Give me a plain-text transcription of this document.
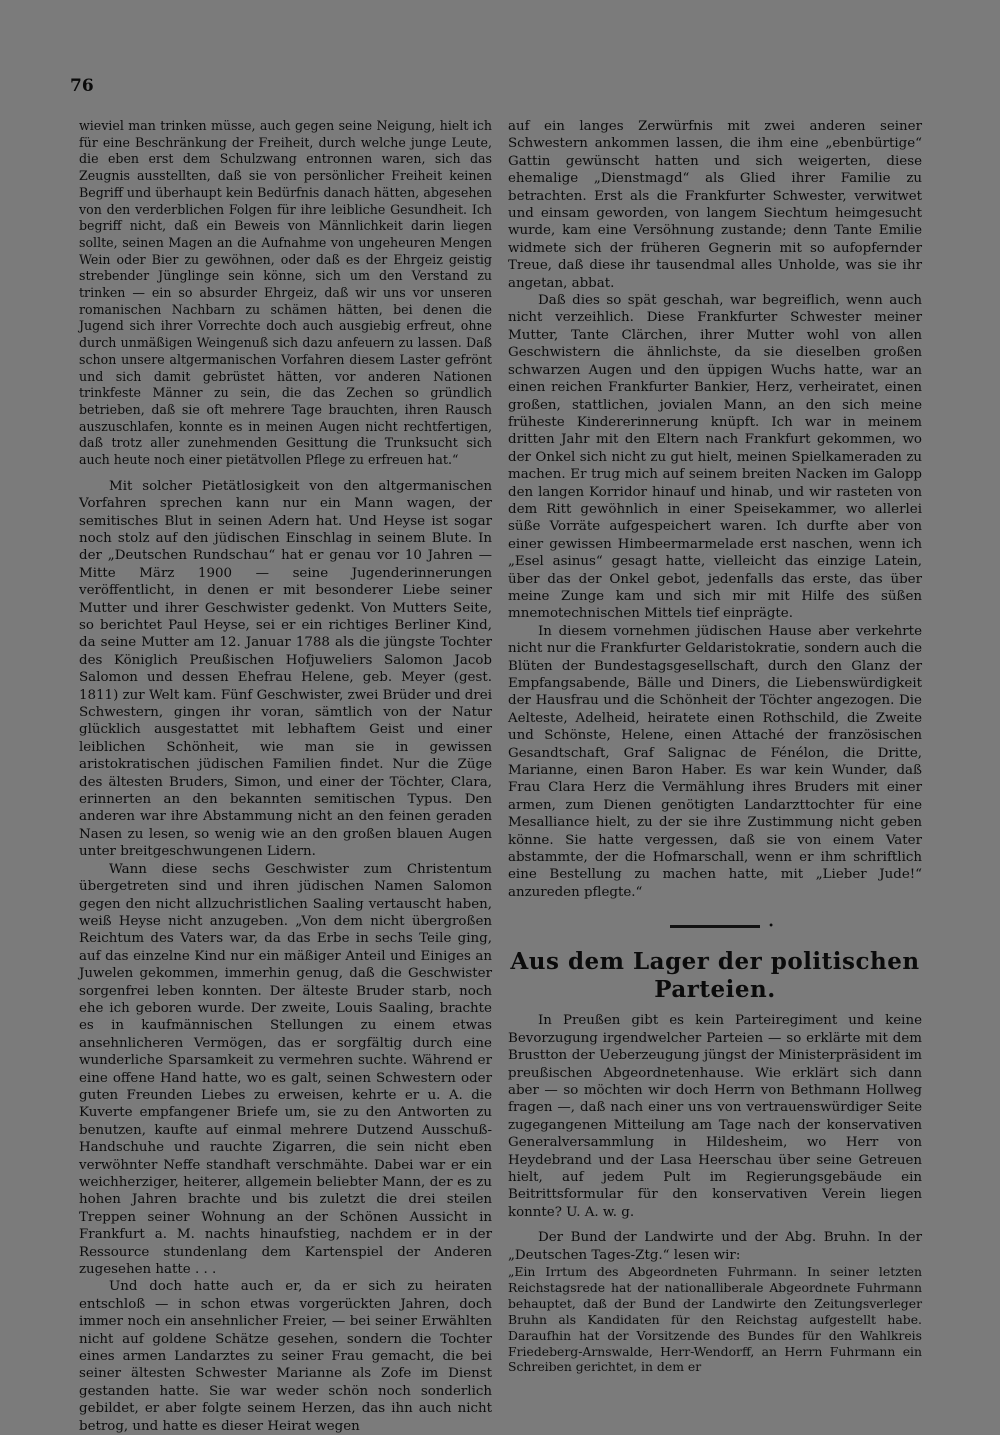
76

wieviel man trinken müsse, auch gegen seine Neigung, hielt ich für eine Beschränkung der Freiheit, durch welche junge Leute, die eben erst dem Schulzwang entronnen waren, sich das Zeugnis ausstellten, daß sie von persönlicher Freiheit keinen Begriff und überhaupt kein Bedürfnis danach hätten, abgesehen von den verderblichen Folgen für ihre leibliche Gesundheit. Ich begriff nicht, daß ein Beweis von Männlichkeit darin liegen sollte, seinen Magen an die Aufnahme von ungeheuren Mengen Wein oder Bier zu gewöhnen, oder daß es der Ehrgeiz geistig strebender Jünglinge sein könne, sich um den Verstand zu trinken — ein so absurder Ehrgeiz, daß wir uns vor unseren romanischen Nachbarn zu schämen hätten, bei denen die Jugend sich ihrer Vorrechte doch auch ausgiebig erfreut, ohne durch unmäßigen Weingenuß sich dazu anfeuern zu lassen. Daß schon unsere altgermanischen Vorfahren diesem Laster gefrönt und sich damit gebrüstet hätten, vor anderen Nationen trinkfeste Männer zu sein, die das Zechen so gründlich betrieben, daß sie oft mehrere Tage brauchten, ihren Rausch auszuschlafen, konnte es in meinen Augen nicht rechtfertigen, daß trotz aller zunehmenden Gesittung die Trunksucht sich auch heute noch einer pietätvollen Pflege zu erfreuen hat.“

Mit solcher Pietätlosigkeit von den altgermanischen Vorfahren sprechen kann nur ein Mann wagen, der semitisches Blut in seinen Adern hat. Und Heyse ist sogar noch stolz auf den jüdischen Einschlag in seinem Blute. In der „Deutschen Rundschau“ hat er genau vor 10 Jahren — Mitte März 1900 — seine Jugenderinnerungen veröffentlicht, in denen er mit besonderer Liebe seiner Mutter und ihrer Geschwister gedenkt. Von Mutters Seite, so berichtet Paul Heyse, sei er ein richtiges Berliner Kind, da seine Mutter am 12. Januar 1788 als die jüngste Tochter des Königlich Preußischen Hofjuweliers Salomon Jacob Salomon und dessen Ehefrau Helene, geb. Meyer (gest. 1811) zur Welt kam. Fünf Geschwister, zwei Brüder und drei Schwestern, gingen ihr voran, sämtlich von der Natur glücklich ausgestattet mit lebhaftem Geist und einer leiblichen Schönheit, wie man sie in gewissen aristokratischen jüdischen Familien findet. Nur die Züge des ältesten Bruders, Simon, und einer der Töchter, Clara, erinnerten an den bekannten semitischen Typus. Den anderen war ihre Abstammung nicht an den feinen geraden Nasen zu lesen, so wenig wie an den großen blauen Augen unter breitgeschwungenen Lidern.

Wann diese sechs Geschwister zum Christentum übergetreten sind und ihren jüdischen Namen Salomon gegen den nicht allzuchristlichen Saaling vertauscht haben, weiß Heyse nicht anzugeben. „Von dem nicht übergroßen Reichtum des Vaters war, da das Erbe in sechs Teile ging, auf das einzelne Kind nur ein mäßiger Anteil und Einiges an Juwelen gekommen, immerhin genug, daß die Geschwister sorgenfrei leben konnten. Der älteste Bruder starb, noch ehe ich geboren wurde. Der zweite, Louis Saaling, brachte es in kaufmännischen Stellungen zu einem etwas ansehnlicheren Vermögen, das er sorgfältig durch eine wunderliche Sparsamkeit zu vermehren suchte. Während er eine offene Hand hatte, wo es galt, seinen Schwestern oder guten Freunden Liebes zu erweisen, kehrte er u. A. die Kuverte empfangener Briefe um, sie zu den Antworten zu benutzen, kaufte auf einmal mehrere Dutzend Ausschuß-Handschuhe und rauchte Zigarren, die sein nicht eben verwöhnter Neffe standhaft verschmähte. Dabei war er ein weichherziger, heiterer, allgemein beliebter Mann, der es zu hohen Jahren brachte und bis zuletzt die drei steilen Treppen seiner Wohnung an der Schönen Aussicht in Frankfurt a. M. nachts hinaufstieg, nachdem er in der Ressource stundenlang dem Kartenspiel der Anderen zugesehen hatte . . .

Und doch hatte auch er, da er sich zu heiraten entschloß — in schon etwas vorgerückten Jahren, doch immer noch ein ansehnlicher Freier, — bei seiner Erwählten nicht auf goldene Schätze gesehen, sondern die Tochter eines armen Landarztes zu seiner Frau gemacht, die bei seiner ältesten Schwester Marianne als Zofe im Dienst gestanden hatte. Sie war weder schön noch sonderlich gebildet, er aber folgte seinem Herzen, das ihn auch nicht betrog, und hatte es dieser Heirat wegen

auf ein langes Zerwürfnis mit zwei anderen seiner Schwestern ankommen lassen, die ihm eine „ebenbürtige“ Gattin gewünscht hatten und sich weigerten, diese ehemalige „Dienstmagd“ als Glied ihrer Familie zu betrachten. Erst als die Frankfurter Schwester, verwitwet und einsam geworden, von langem Siechtum heimgesucht wurde, kam eine Versöhnung zustande; denn Tante Emilie widmete sich der früheren Gegnerin mit so aufopfernder Treue, daß diese ihr tausendmal alles Unholde, was sie ihr angetan, abbat.

Daß dies so spät geschah, war begreiflich, wenn auch nicht verzeihlich. Diese Frankfurter Schwester meiner Mutter, Tante Clärchen, ihrer Mutter wohl von allen Geschwistern die ähnlichste, da sie dieselben großen schwarzen Augen und den üppigen Wuchs hatte, war an einen reichen Frankfurter Bankier, Herz, verheiratet, einen großen, stattlichen, jovialen Mann, an den sich meine früheste Kindererinnerung knüpft. Ich war in meinem dritten Jahr mit den Eltern nach Frankfurt gekommen, wo der Onkel sich nicht zu gut hielt, meinen Spielkameraden zu machen. Er trug mich auf seinem breiten Nacken im Galopp den langen Korridor hinauf und hinab, und wir rasteten von dem Ritt gewöhnlich in einer Speisekammer, wo allerlei süße Vorräte aufgespeichert waren. Ich durfte aber von einer gewissen Himbeermarmelade erst naschen, wenn ich „Esel asinus“ gesagt hatte, vielleicht das einzige Latein, über das der Onkel gebot, jedenfalls das erste, das über meine Zunge kam und sich mir mit Hilfe des süßen mnemotechnischen Mittels tief einprägte.

In diesem vornehmen jüdischen Hause aber verkehrte nicht nur die Frankfurter Geldaristokratie, sondern auch die Blüten der Bundestagsgesellschaft, durch den Glanz der Empfangsabende, Bälle und Diners, die Liebenswürdigkeit der Hausfrau und die Schönheit der Töchter angezogen. Die Aelteste, Adelheid, heiratete einen Rothschild, die Zweite und Schönste, Helene, einen Attaché der französischen Gesandtschaft, Graf Salignac de Fénélon, die Dritte, Marianne, einen Baron Haber. Es war kein Wunder, daß Frau Clara Herz die Vermählung ihres Bruders mit einer armen, zum Dienen genötigten Landarzttochter für eine Mesalliance hielt, zu der sie ihre Zustimmung nicht geben könne. Sie hatte vergessen, daß sie von einem Vater abstammte, der die Hofmarschall, wenn er ihm schriftlich eine Bestellung zu machen hatte, mit „Lieber Jude!“ anzureden pflegte.“

•
Aus dem Lager der politischen Parteien.

In Preußen gibt es kein Parteiregiment und keine Bevorzugung irgendwelcher Parteien — so erklärte mit dem Brustton der Ueberzeugung jüngst der Ministerpräsident im preußischen Abgeordnetenhause. Wie erklärt sich dann aber — so möchten wir doch Herrn von Bethmann Hollweg fragen —, daß nach einer uns von vertrauenswürdiger Seite zugegangenen Mitteilung am Tage nach der konservativen Generalversammlung in Hildesheim, wo Herr von Heydebrand und der Lasa Heerschau über seine Getreuen hielt, auf jedem Pult im Regierungsgebäude ein Beitrittsformular für den konservativen Verein liegen konnte? U. A. w. g.

Der Bund der Landwirte und der Abg. Bruhn. In der „Deutschen Tages-Ztg.“ lesen wir:

„Ein Irrtum des Abgeordneten Fuhrmann. In seiner letzten Reichstagsrede hat der nationalliberale Abgeordnete Fuhrmann behauptet, daß der Bund der Landwirte den Zeitungsverleger Bruhn als Kandidaten für den Reichstag aufgestellt habe. Daraufhin hat der Vorsitzende des Bundes für den Wahlkreis Friedeberg-Arnswalde, Herr-Wendorff, an Herrn Fuhrmann ein Schreiben gerichtet, in dem er
